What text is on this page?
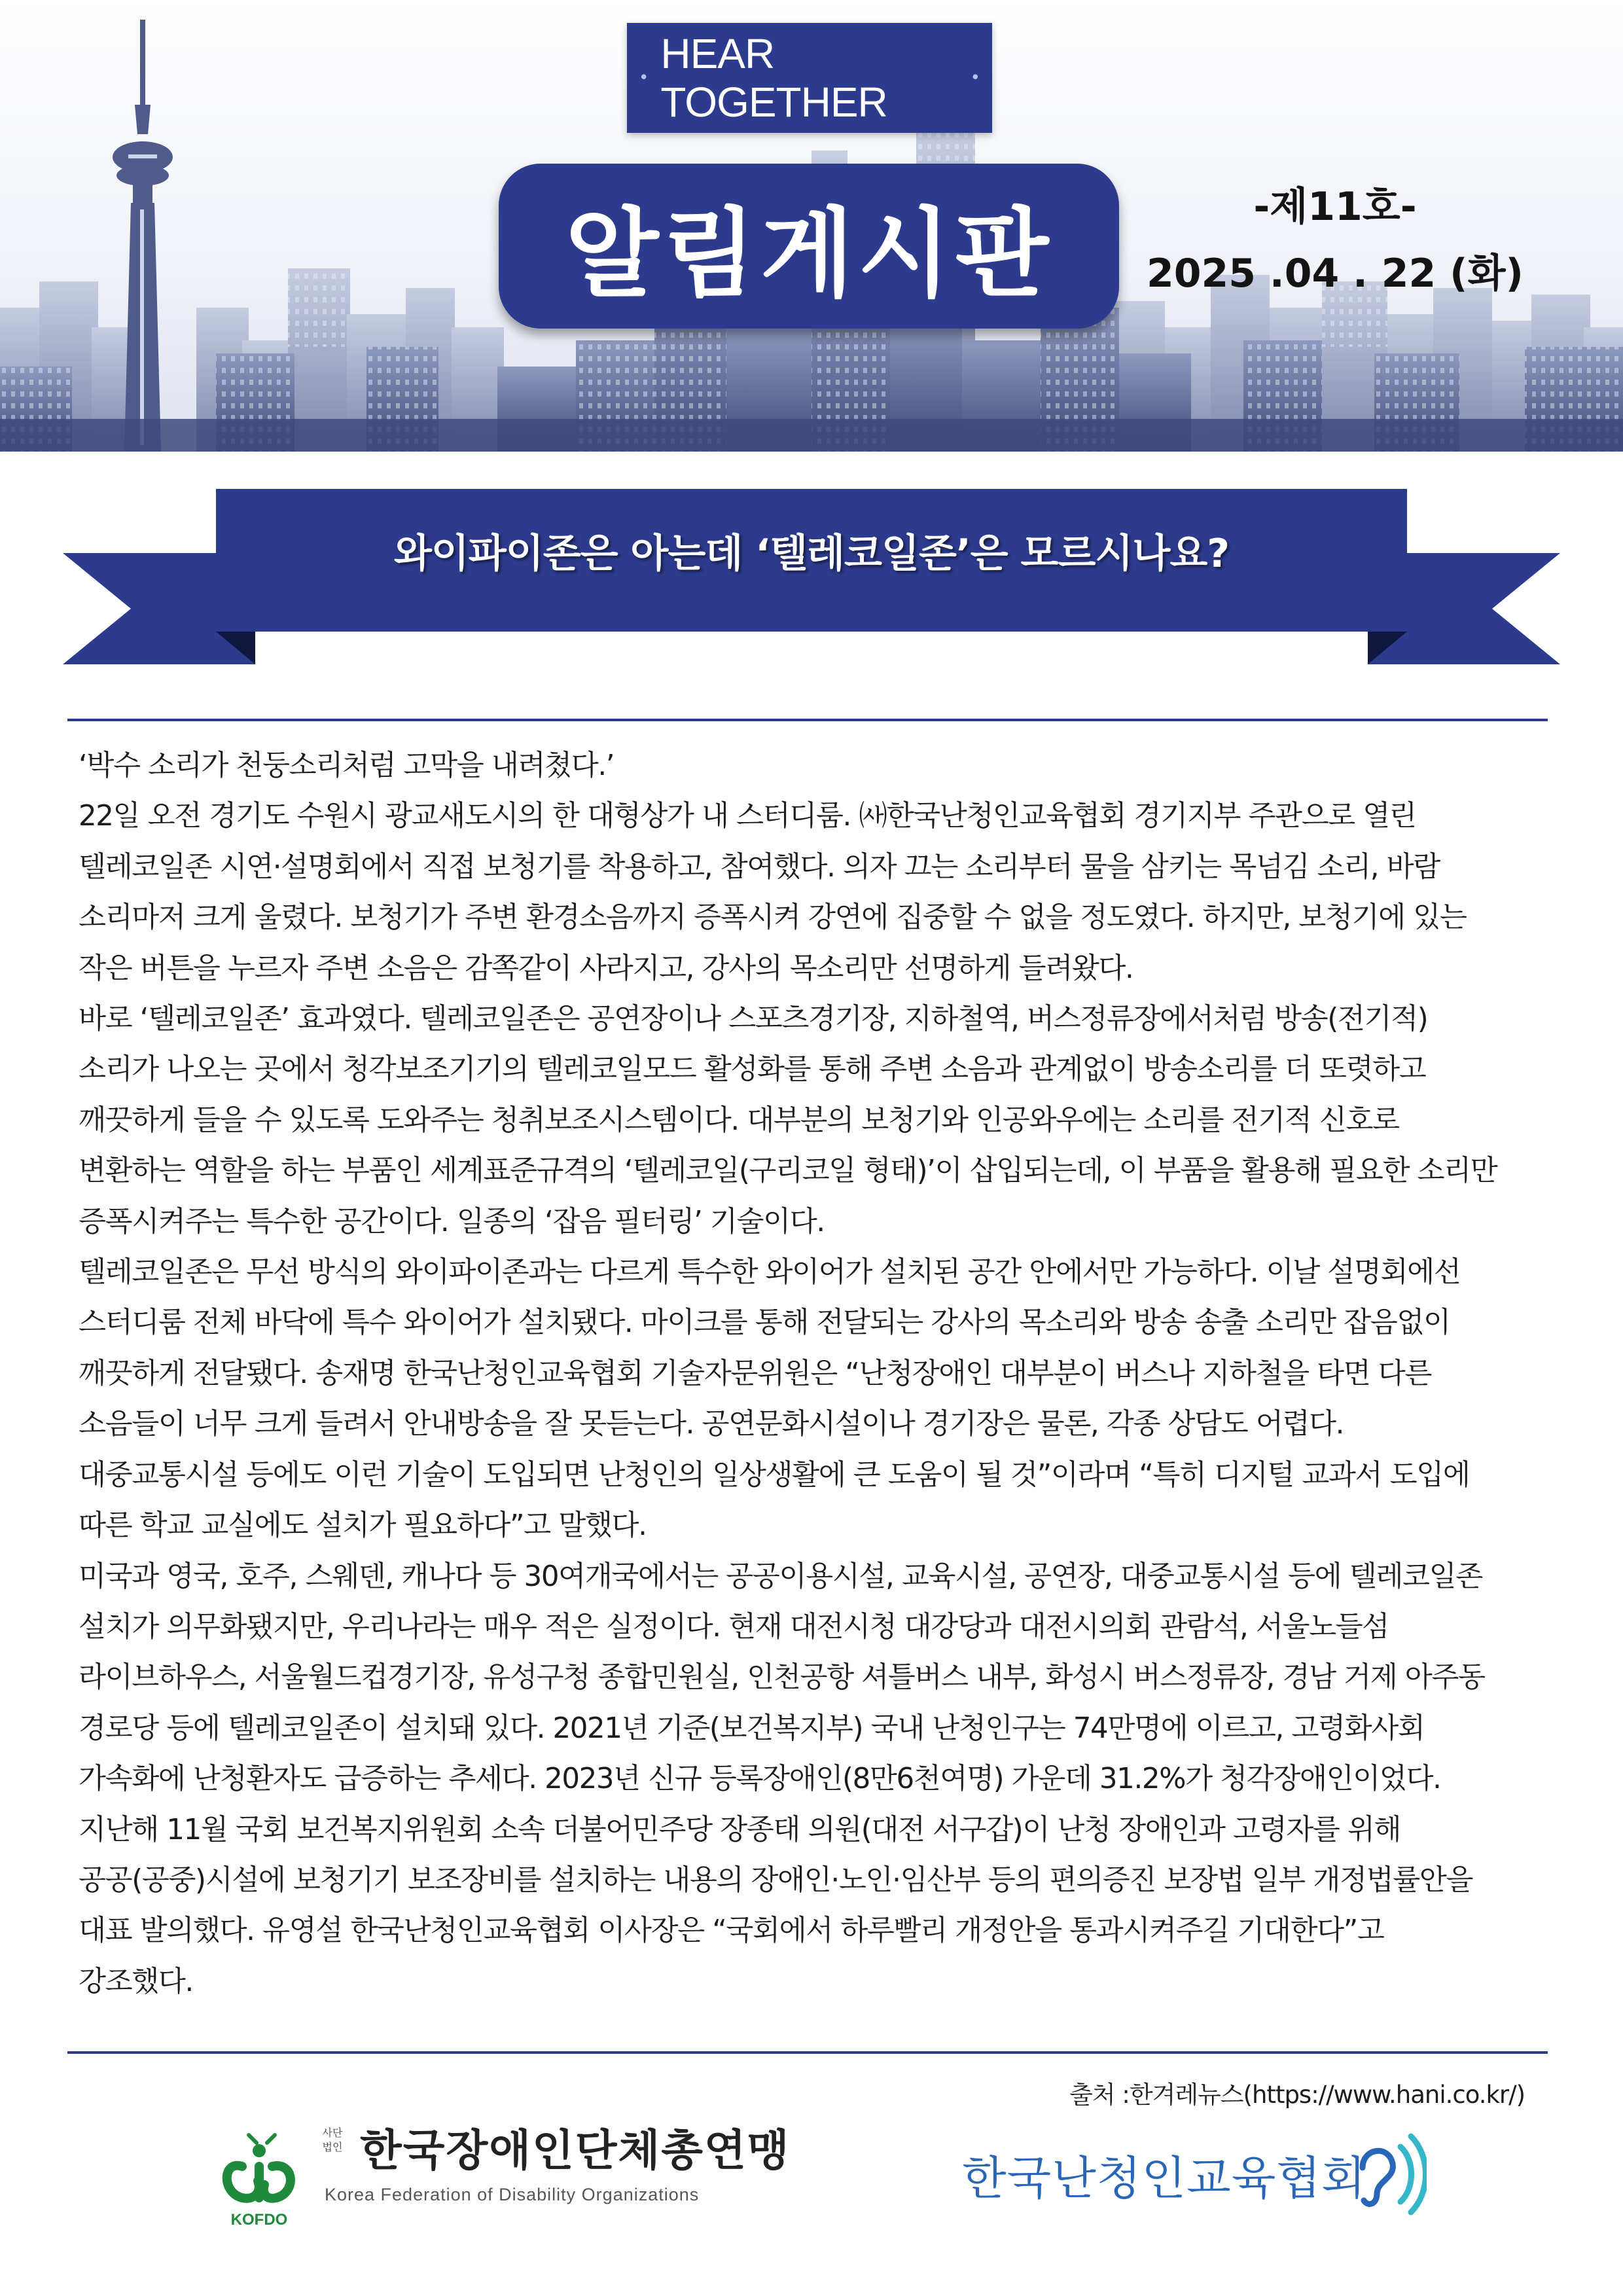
•
HEAR TOGETHER
•
알림게시판	-제11호-
2025 .04 . 22 (화)
와이파이존은 아는데 ‘텔레코일존’은 모르시나요?

‘박수 소리가 천둥소리처럼 고막을 내려쳤다.’

22일 오전 경기도 수원시 광교새도시의 한 대형상가 내 스터디룸. ㈔한국난청인교육협회 경기지부 주관으로 열린

텔레코일존 시연·설명회에서 직접 보청기를 착용하고, 참여했다. 의자 끄는 소리부터 물을 삼키는 목넘김 소리, 바람

소리마저 크게 울렸다. 보청기가 주변 환경소음까지 증폭시켜 강연에 집중할 수 없을 정도였다. 하지만, 보청기에 있는

작은 버튼을 누르자 주변 소음은 감쪽같이 사라지고, 강사의 목소리만 선명하게 들려왔다.

바로 ‘텔레코일존’ 효과였다. 텔레코일존은 공연장이나 스포츠경기장, 지하철역, 버스정류장에서처럼 방송(전기적)

소리가 나오는 곳에서 청각보조기기의 텔레코일모드 활성화를 통해 주변 소음과 관계없이 방송소리를 더 또렷하고

깨끗하게 들을 수 있도록 도와주는 청취보조시스템이다. 대부분의 보청기와 인공와우에는 소리를 전기적 신호로

변환하는 역할을 하는 부품인 세계표준규격의 ‘텔레코일(구리코일 형태)’이 삽입되는데, 이 부품을 활용해 필요한 소리만

증폭시켜주는 특수한 공간이다. 일종의 ‘잡음 필터링’ 기술이다.

텔레코일존은 무선 방식의 와이파이존과는 다르게 특수한 와이어가 설치된 공간 안에서만 가능하다. 이날 설명회에선

스터디룸 전체 바닥에 특수 와이어가 설치됐다. 마이크를 통해 전달되는 강사의 목소리와 방송 송출 소리만 잡음없이

깨끗하게 전달됐다. 송재명 한국난청인교육협회 기술자문위원은 “난청장애인 대부분이 버스나 지하철을 타면 다른

소음들이 너무 크게 들려서 안내방송을 잘 못듣는다. 공연문화시설이나 경기장은 물론, 각종 상담도 어렵다.

대중교통시설 등에도 이런 기술이 도입되면 난청인의 일상생활에 큰 도움이 될 것”이라며 “특히 디지털 교과서 도입에

따른 학교 교실에도 설치가 필요하다”고 말했다.

미국과 영국, 호주, 스웨덴, 캐나다 등 30여개국에서는 공공이용시설, 교육시설, 공연장, 대중교통시설 등에 텔레코일존

설치가 의무화됐지만, 우리나라는 매우 적은 실정이다. 현재 대전시청 대강당과 대전시의회 관람석, 서울노들섬

라이브하우스, 서울월드컵경기장, 유성구청 종합민원실, 인천공항 셔틀버스 내부, 화성시 버스정류장, 경남 거제 아주동

경로당 등에 텔레코일존이 설치돼 있다. 2021년 기준(보건복지부) 국내 난청인구는 74만명에 이르고, 고령화사회

가속화에 난청환자도 급증하는 추세다. 2023년 신규 등록장애인(8만6천여명) 가운데 31.2%가 청각장애인이었다.

지난해 11월 국회 보건복지위원회 소속 더불어민주당 장종태 의원(대전 서구갑)이 난청 장애인과 고령자를 위해

공공(공중)시설에 보청기기 보조장비를 설치하는 내용의 장애인·노인·임산부 등의 편의증진 보장법 일부 개정법률안을

대표 발의했다. 유영설 한국난청인교육협회 이사장은 “국회에서 하루빨리 개정안을 통과시켜주길 기대한다”고

강조했다.

출처 :한겨레뉴스(https://www.hani.co.kr/)
KOFDO
사단 법인 한국장애인단체총연맹
Korea Federation of Disability Organizations	한국난청인교육협회
